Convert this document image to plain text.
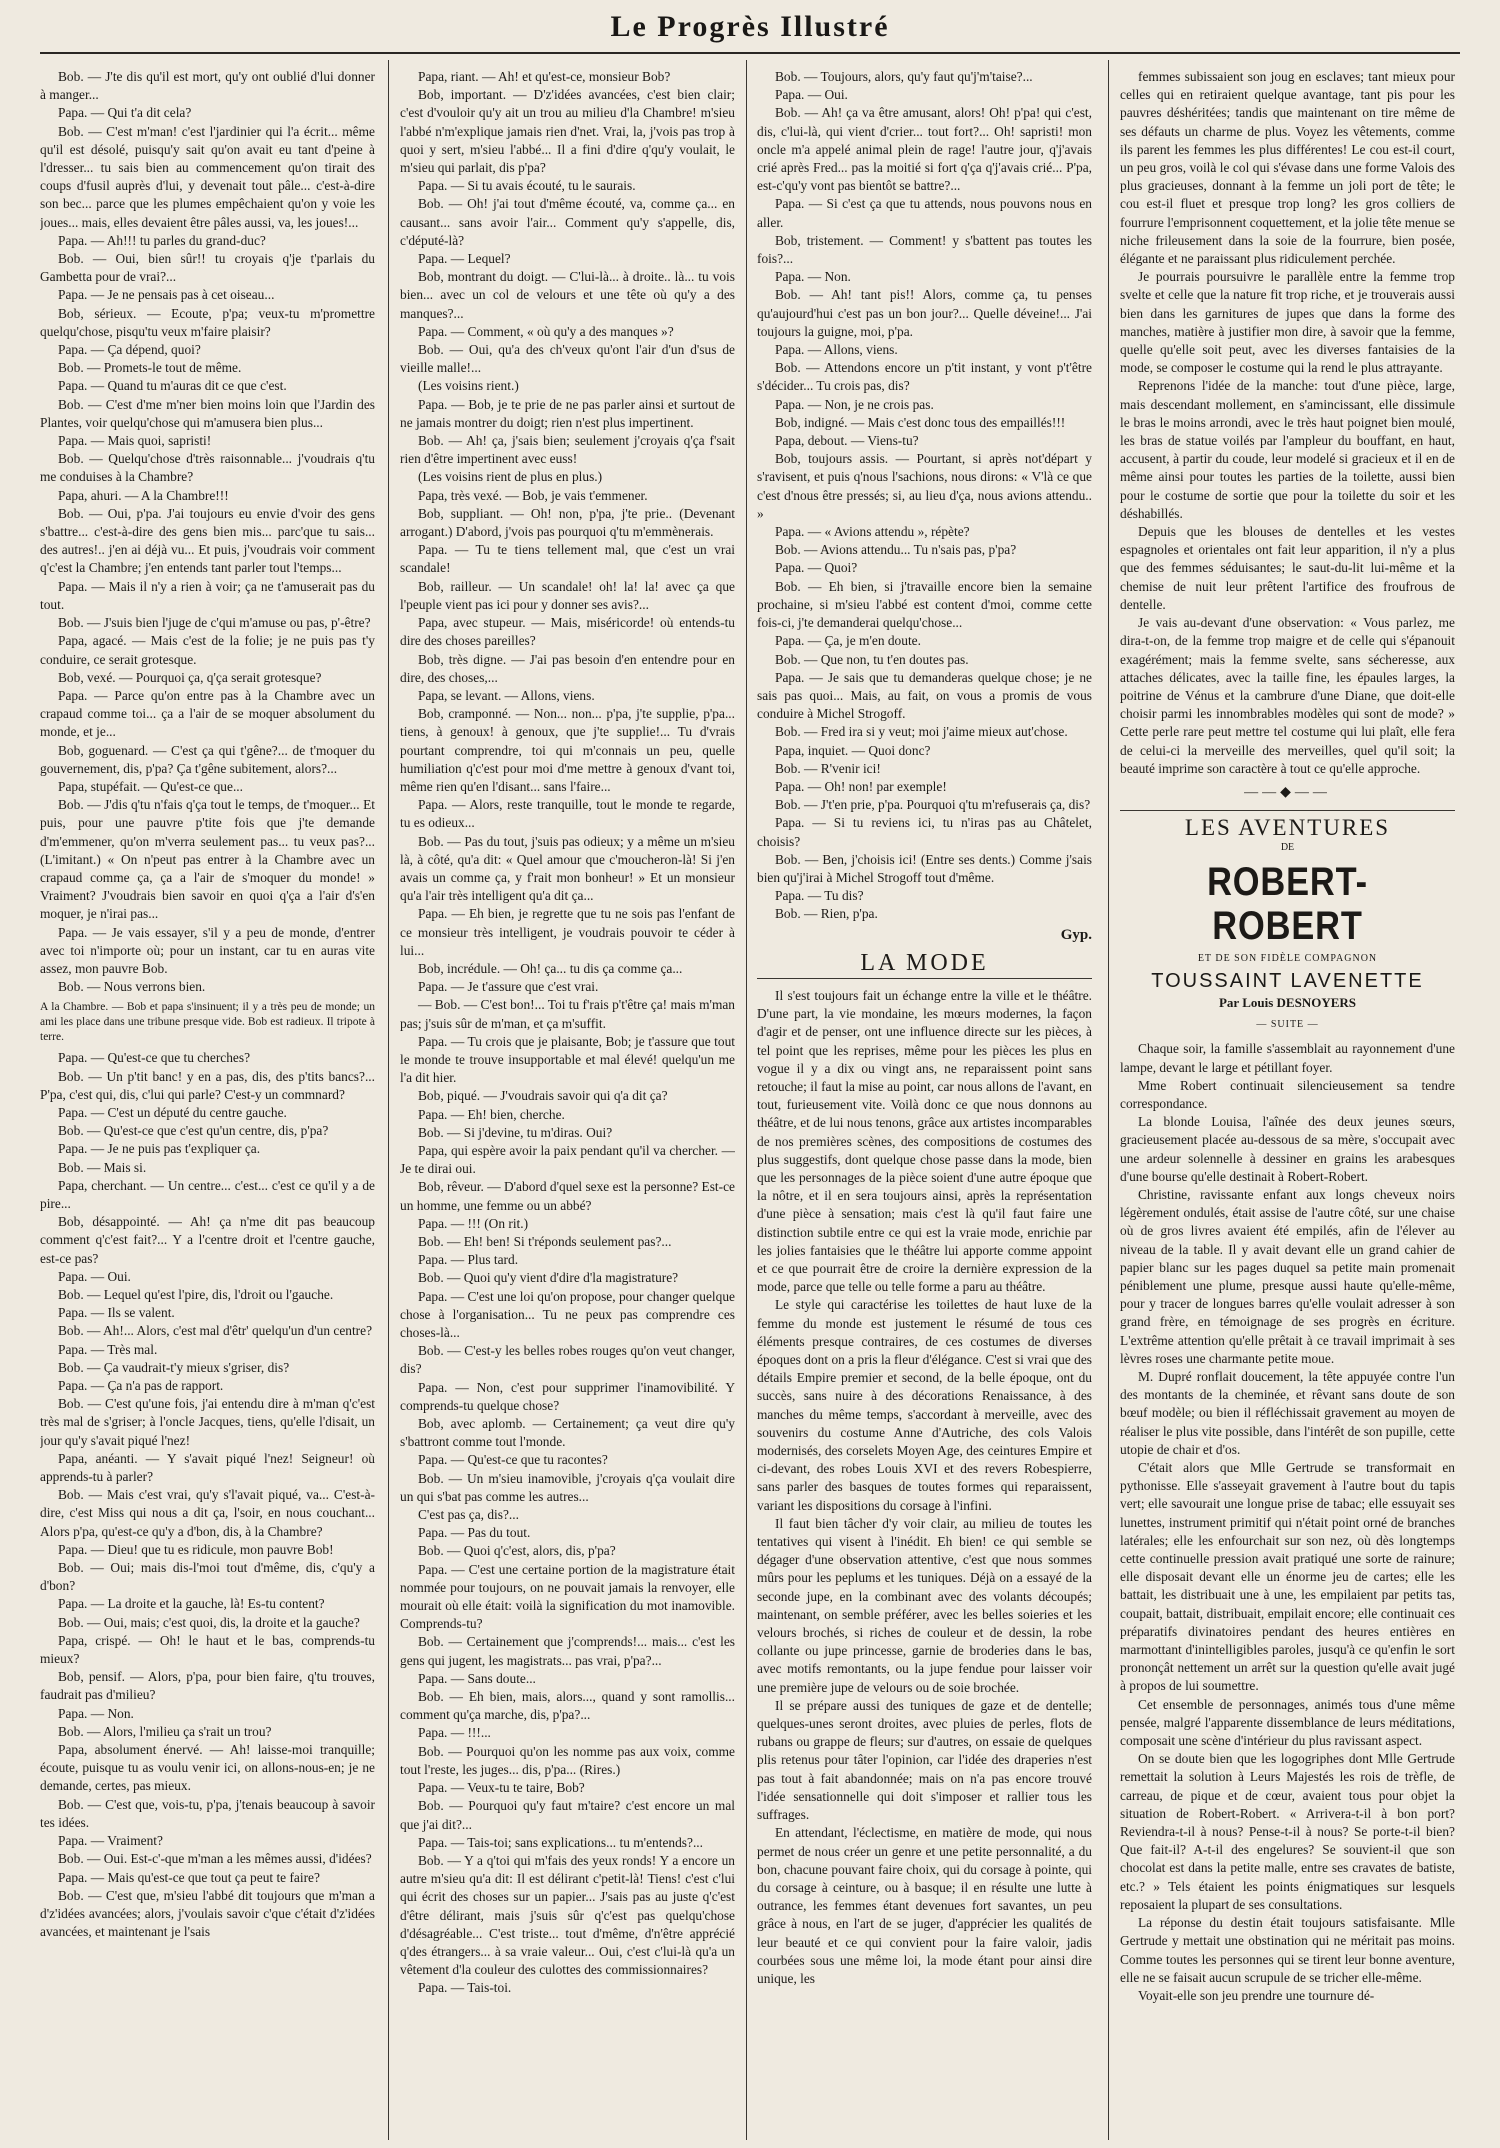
Le Progrès Illustré

Bob. — J'te dis qu'il est mort, qu'y ont oublié d'lui donner à manger...

Papa. — Qui t'a dit cela?

Bob. — C'est m'man! c'est l'jardinier qui l'a écrit... même qu'il est désolé, puisqu'y sait qu'on avait eu tant d'peine à l'dresser... tu sais bien au commencement qu'on tirait des coups d'fusil auprès d'lui, y devenait tout pâle... c'est-à-dire son bec... parce que les plumes empêchaient qu'on y voie les joues... mais, elles devaient être pâles aussi, va, les joues!...

Papa. — Ah!!! tu parles du grand-duc?

Bob. — Oui, bien sûr!! tu croyais q'je t'parlais du Gambetta pour de vrai?...

Papa. — Je ne pensais pas à cet oiseau...

Bob, sérieux. — Ecoute, p'pa; veux-tu m'promettre quelqu'chose, pisqu'tu veux m'faire plaisir?

Papa. — Ça dépend, quoi?

Bob. — Promets-le tout de même.

Papa. — Quand tu m'auras dit ce que c'est.

Bob. — C'est d'me m'ner bien moins loin que l'Jardin des Plantes, voir quelqu'chose qui m'amusera bien plus...

Papa. — Mais quoi, sapristi!

Bob. — Quelqu'chose d'très raisonnable... j'voudrais q'tu me conduises à la Chambre?

Papa, ahuri. — A la Chambre!!!

Bob. — Oui, p'pa. J'ai toujours eu envie d'voir des gens s'battre... c'est-à-dire des gens bien mis... parc'que tu sais... des autres!.. j'en ai déjà vu... Et puis, j'voudrais voir comment q'c'est la Chambre; j'en entends tant parler tout l'temps...

Papa. — Mais il n'y a rien à voir; ça ne t'amuserait pas du tout.

Bob. — J'suis bien l'juge de c'qui m'amuse ou pas, p'-être?

Papa, agacé. — Mais c'est de la folie; je ne puis pas t'y conduire, ce serait grotesque.

Bob, vexé. — Pourquoi ça, q'ça serait grotesque?

Papa. — Parce qu'on entre pas à la Chambre avec un crapaud comme toi... ça a l'air de se moquer absolument du monde, et je...

Bob, goguenard. — C'est ça qui t'gêne?... de t'moquer du gouvernement, dis, p'pa? Ça t'gêne subitement, alors?...

Papa, stupéfait. — Qu'est-ce que...

Bob. — J'dis q'tu n'fais q'ça tout le temps, de t'moquer... Et puis, pour une pauvre p'tite fois que j'te demande d'm'emmener, qu'on m'verra seulement pas... tu veux pas?... (L'imitant.) « On n'peut pas entrer à la Chambre avec un crapaud comme ça, ça a l'air de s'moquer du monde! » Vraiment? J'voudrais bien savoir en quoi q'ça a l'air d's'en moquer, je n'irai pas...

Papa. — Je vais essayer, s'il y a peu de monde, d'entrer avec toi n'importe où; pour un instant, car tu en auras vite assez, mon pauvre Bob.

Bob. — Nous verrons bien.

A la Chambre. — Bob et papa s'insinuent; il y a très peu de monde; un ami les place dans une tribune presque vide. Bob est radieux. Il tripote à terre.

Papa. — Qu'est-ce que tu cherches?

Bob. — Un p'tit banc! y en a pas, dis, des p'tits bancs?... P'pa, c'est qui, dis, c'lui qui parle? C'est-y un commnard?

Papa. — C'est un député du centre gauche.

Bob. — Qu'est-ce que c'est qu'un centre, dis, p'pa?

Papa. — Je ne puis pas t'expliquer ça.

Bob. — Mais si.

Papa, cherchant. — Un centre... c'est... c'est ce qu'il y a de pire...

Bob, désappointé. — Ah! ça n'me dit pas beaucoup comment q'c'est fait?... Y a l'centre droit et l'centre gauche, est-ce pas?

Papa. — Oui.

Bob. — Lequel qu'est l'pire, dis, l'droit ou l'gauche.

Papa. — Ils se valent.

Bob. — Ah!... Alors, c'est mal d'êtr' quelqu'un d'un centre?

Papa. — Très mal.

Bob. — Ça vaudrait-t'y mieux s'griser, dis?

Papa. — Ça n'a pas de rapport.

Bob. — C'est qu'une fois, j'ai entendu dire à m'man q'c'est très mal de s'griser; à l'oncle Jacques, tiens, qu'elle l'disait, un jour qu'y s'avait piqué l'nez!

Papa, anéanti. — Y s'avait piqué l'nez! Seigneur! où apprends-tu à parler?

Bob. — Mais c'est vrai, qu'y s'l'avait piqué, va... C'est-à-dire, c'est Miss qui nous a dit ça, l'soir, en nous couchant... Alors p'pa, qu'est-ce qu'y a d'bon, dis, à la Chambre?

Papa. — Dieu! que tu es ridicule, mon pauvre Bob!

Bob. — Oui; mais dis-l'moi tout d'même, dis, c'qu'y a d'bon?

Papa. — La droite et la gauche, là! Es-tu content?

Bob. — Oui, mais; c'est quoi, dis, la droite et la gauche?

Papa, crispé. — Oh! le haut et le bas, comprends-tu mieux?

Bob, pensif. — Alors, p'pa, pour bien faire, q'tu trouves, faudrait pas d'milieu?

Papa. — Non.

Bob. — Alors, l'milieu ça s'rait un trou?

Papa, absolument énervé. — Ah! laisse-moi tranquille; écoute, puisque tu as voulu venir ici, on allons-nous-en; je ne demande, certes, pas mieux.

Bob. — C'est que, vois-tu, p'pa, j'tenais beaucoup à savoir tes idées.

Papa. — Vraiment?

Bob. — Oui. Est-c'-que m'man a les mêmes aussi, d'idées?

Papa. — Mais qu'est-ce que tout ça peut te faire?

Bob. — C'est que, m'sieu l'abbé dit toujours que m'man a d'z'idées avancées; alors, j'voulais savoir c'que c'était d'z'idées avancées, et maintenant je l'sais

Papa, riant. — Ah! et qu'est-ce, monsieur Bob?

Bob, important. — D'z'idées avancées, c'est bien clair; c'est d'vouloir qu'y ait un trou au milieu d'la Chambre! m'sieu l'abbé n'm'explique jamais rien d'net. Vrai, la, j'vois pas trop à quoi y sert, m'sieu l'abbé... Il a fini d'dire q'qu'y voulait, le m'sieu qui parlait, dis p'pa?

Papa. — Si tu avais écouté, tu le saurais.

Bob. — Oh! j'ai tout d'même écouté, va, comme ça... en causant... sans avoir l'air... Comment qu'y s'appelle, dis, c'député-là?

Papa. — Lequel?

Bob, montrant du doigt. — C'lui-là... à droite.. là... tu vois bien... avec un col de velours et une tête où qu'y a des manques?...

Papa. — Comment, « où qu'y a des manques »?

Bob. — Oui, qu'a des ch'veux qu'ont l'air d'un d'sus de vieille malle!...

(Les voisins rient.)

Papa. — Bob, je te prie de ne pas parler ainsi et surtout de ne jamais montrer du doigt; rien n'est plus impertinent.

Bob. — Ah! ça, j'sais bien; seulement j'croyais q'ça f'sait rien d'être impertinent avec euss!

(Les voisins rient de plus en plus.)

Papa, très vexé. — Bob, je vais t'emmener.

Bob, suppliant. — Oh! non, p'pa, j'te prie.. (Devenant arrogant.) D'abord, j'vois pas pourquoi q'tu m'emmènerais.

Papa. — Tu te tiens tellement mal, que c'est un vrai scandale!

Bob, railleur. — Un scandale! oh! la! la! avec ça que l'peuple vient pas ici pour y donner ses avis?...

Papa, avec stupeur. — Mais, miséricorde! où entends-tu dire des choses pareilles?

Bob, très digne. — J'ai pas besoin d'en entendre pour en dire, des choses,...

Papa, se levant. — Allons, viens.

Bob, cramponné. — Non... non... p'pa, j'te supplie, p'pa... tiens, à genoux! à genoux, que j'te supplie!... Tu d'vrais pourtant comprendre, toi qui m'connais un peu, quelle humiliation q'c'est pour moi d'me mettre à genoux d'vant toi, même rien qu'en l'disant... sans l'faire...

Papa. — Alors, reste tranquille, tout le monde te regarde, tu es odieux...

Bob. — Pas du tout, j'suis pas odieux; y a même un m'sieu là, à côté, qu'a dit: « Quel amour que c'moucheron-là! Si j'en avais un comme ça, y f'rait mon bonheur! » Et un monsieur qu'a l'air très intelligent qu'a dit ça...

Papa. — Eh bien, je regrette que tu ne sois pas l'enfant de ce monsieur très intelligent, je voudrais pouvoir te céder à lui...

Bob, incrédule. — Oh! ça... tu dis ça comme ça...

Papa. — Je t'assure que c'est vrai.

— Bob. — C'est bon!... Toi tu f'rais p't'être ça! mais m'man pas; j'suis sûr de m'man, et ça m'suffit.

Papa. — Tu crois que je plaisante, Bob; je t'assure que tout le monde te trouve insupportable et mal élevé! quelqu'un me l'a dit hier.

Bob, piqué. — J'voudrais savoir qui q'a dit ça?

Papa. — Eh! bien, cherche.

Bob. — Si j'devine, tu m'diras. Oui?

Papa, qui espère avoir la paix pendant qu'il va chercher. — Je te dirai oui.

Bob, rêveur. — D'abord d'quel sexe est la personne? Est-ce un homme, une femme ou un abbé?

Papa. — !!! (On rit.)

Bob. — Eh! ben! Si t'réponds seulement pas?...

Papa. — Plus tard.

Bob. — Quoi qu'y vient d'dire d'la magistrature?

Papa. — C'est une loi qu'on propose, pour changer quelque chose à l'organisation... Tu ne peux pas comprendre ces choses-là...

Bob. — C'est-y les belles robes rouges qu'on veut changer, dis?

Papa. — Non, c'est pour supprimer l'inamovibilité. Y comprends-tu quelque chose?

Bob, avec aplomb. — Certainement; ça veut dire qu'y s'battront comme tout l'monde.

Papa. — Qu'est-ce que tu racontes?

Bob. — Un m'sieu inamovible, j'croyais q'ça voulait dire un qui s'bat pas comme les autres...

C'est pas ça, dis?...

Papa. — Pas du tout.

Bob. — Quoi q'c'est, alors, dis, p'pa?

Papa. — C'est une certaine portion de la magistrature était nommée pour toujours, on ne pouvait jamais la renvoyer, elle mourait où elle était: voilà la signification du mot inamovible. Comprends-tu?

Bob. — Certainement que j'comprends!... mais... c'est les gens qui jugent, les magistrats... pas vrai, p'pa?...

Papa. — Sans doute...

Bob. — Eh bien, mais, alors..., quand y sont ramollis... comment qu'ça marche, dis, p'pa?...

Papa. — !!!...

Bob. — Pourquoi qu'on les nomme pas aux voix, comme tout l'reste, les juges... dis, p'pa... (Rires.)

Papa. — Veux-tu te taire, Bob?

Bob. — Pourquoi qu'y faut m'taire? c'est encore un mal que j'ai dit?...

Papa. — Tais-toi; sans explications... tu m'entends?...

Bob. — Y a q'toi qui m'fais des yeux ronds! Y a encore un autre m'sieu qu'a dit: Il est délirant c'petit-là! Tiens! c'est c'lui qui écrit des choses sur un papier... J'sais pas au juste q'c'est d'être délirant, mais j'suis sûr q'c'est pas quelqu'chose d'désagréable... C'est triste... tout d'même, d'n'être apprécié q'des étrangers... à sa vraie valeur... Oui, c'est c'lui-là qu'a un vêtement d'la couleur des culottes des commissionnaires?

Papa. — Tais-toi.

Bob. — Toujours, alors, qu'y faut qu'j'm'taise?...

Papa. — Oui.

Bob. — Ah! ça va être amusant, alors! Oh! p'pa! qui c'est, dis, c'lui-là, qui vient d'crier... tout fort?... Oh! sapristi! mon oncle m'a appelé animal plein de rage! l'autre jour, q'j'avais crié après Fred... pas la moitié si fort q'ça q'j'avais crié... P'pa, est-c'qu'y vont pas bientôt se battre?...

Papa. — Si c'est ça que tu attends, nous pouvons nous en aller.

Bob, tristement. — Comment! y s'battent pas toutes les fois?...

Papa. — Non.

Bob. — Ah! tant pis!! Alors, comme ça, tu penses qu'aujourd'hui c'est pas un bon jour?... Quelle déveine!... J'ai toujours la guigne, moi, p'pa.

Papa. — Allons, viens.

Bob. — Attendons encore un p'tit instant, y vont p't'être s'décider... Tu crois pas, dis?

Papa. — Non, je ne crois pas.

Bob, indigné. — Mais c'est donc tous des empaillés!!!

Papa, debout. — Viens-tu?

Bob, toujours assis. — Pourtant, si après not'départ y s'ravisent, et puis q'nous l'sachions, nous dirons: « V'là ce que c'est d'nous être pressés; si, au lieu d'ça, nous avions attendu.. »

Papa. — « Avions attendu », répète?

Bob. — Avions attendu... Tu n'sais pas, p'pa?

Papa. — Quoi?

Bob. — Eh bien, si j'travaille encore bien la semaine prochaine, si m'sieu l'abbé est content d'moi, comme cette fois-ci, j'te demanderai quelqu'chose...

Papa. — Ça, je m'en doute.

Bob. — Que non, tu t'en doutes pas.

Papa. — Je sais que tu demanderas quelque chose; je ne sais pas quoi... Mais, au fait, on vous a promis de vous conduire à Michel Strogoff.

Bob. — Fred ira si y veut; moi j'aime mieux aut'chose.

Papa, inquiet. — Quoi donc?

Bob. — R'venir ici!

Papa. — Oh! non! par exemple!

Bob. — J't'en prie, p'pa. Pourquoi q'tu m'refuserais ça, dis?

Papa. — Si tu reviens ici, tu n'iras pas au Châtelet, choisis?

Bob. — Ben, j'choisis ici! (Entre ses dents.) Comme j'sais bien qu'j'irai à Michel Strogoff tout d'même.

Papa. — Tu dis?

Bob. — Rien, p'pa.

Gyp.

LA MODE

Il s'est toujours fait un échange entre la ville et le théâtre. D'une part, la vie mondaine, les mœurs modernes, la façon d'agir et de penser, ont une influence directe sur les pièces, à tel point que les reprises, même pour les pièces les plus en vogue il y a dix ou vingt ans, ne reparaissent point sans retouche; il faut la mise au point, car nous allons de l'avant, en tout, furieusement vite. Voilà donc ce que nous donnons au théâtre, et de lui nous tenons, grâce aux artistes incomparables de nos premières scènes, des compositions de costumes des plus suggestifs, dont quelque chose passe dans la mode, bien que les personnages de la pièce soient d'une autre époque que la nôtre, et il en sera toujours ainsi, après la représentation d'une pièce à sensation; mais c'est là qu'il faut faire une distinction subtile entre ce qui est la vraie mode, enrichie par les jolies fantaisies que le théâtre lui apporte comme appoint et ce que pourrait être de croire la dernière expression de la mode, parce que telle ou telle forme a paru au théâtre.

Le style qui caractérise les toilettes de haut luxe de la femme du monde est justement le résumé de tous ces éléments presque contraires, de ces costumes de diverses époques dont on a pris la fleur d'élégance. C'est si vrai que des détails Empire premier et second, de la belle époque, ont du succès, sans nuire à des décorations Renaissance, à des manches du même temps, s'accordant à merveille, avec des souvenirs du costume Anne d'Autriche, des cols Valois modernisés, des corselets Moyen Age, des ceintures Empire et ci-devant, des robes Louis XVI et des revers Robespierre, sans parler des basques de toutes formes qui reparaissent, variant les dispositions du corsage à l'infini.

Il faut bien tâcher d'y voir clair, au milieu de toutes les tentatives qui visent à l'inédit. Eh bien! ce qui semble se dégager d'une observation attentive, c'est que nous sommes mûrs pour les peplums et les tuniques. Déjà on a essayé de la seconde jupe, en la combinant avec des volants découpés; maintenant, on semble préférer, avec les belles soieries et les velours brochés, si riches de couleur et de dessin, la robe collante ou jupe princesse, garnie de broderies dans le bas, avec motifs remontants, ou la jupe fendue pour laisser voir une première jupe de velours ou de soie brochée.

Il se prépare aussi des tuniques de gaze et de dentelle; quelques-unes seront droites, avec pluies de perles, flots de rubans ou grappe de fleurs; sur d'autres, on essaie de quelques plis retenus pour tâter l'opinion, car l'idée des draperies n'est pas tout à fait abandonnée; mais on n'a pas encore trouvé l'idée sensationnelle qui doit s'imposer et rallier tous les suffrages.

En attendant, l'éclectisme, en matière de mode, qui nous permet de nous créer un genre et une petite personnalité, a du bon, chacune pouvant faire choix, qui du corsage à pointe, qui du corsage à ceinture, ou à basque; il en résulte une lutte à outrance, les femmes étant devenues fort savantes, un peu grâce à nous, en l'art de se juger, d'apprécier les qualités de leur beauté et ce qui convient pour la faire valoir, jadis courbées sous une même loi, la mode étant pour ainsi dire unique, les

femmes subissaient son joug en esclaves; tant mieux pour celles qui en retiraient quelque avantage, tant pis pour les pauvres déshéritées; tandis que maintenant on tire même de ses défauts un charme de plus. Voyez les vêtements, comme ils parent les femmes les plus différentes! Le cou est-il court, un peu gros, voilà le col qui s'évase dans une forme Valois des plus gracieuses, donnant à la femme un joli port de tête; le cou est-il fluet et presque trop long? les gros colliers de fourrure l'emprisonnent coquettement, et la jolie tête menue se niche frileusement dans la soie de la fourrure, bien posée, élégante et ne paraissant plus ridiculement perchée.

Je pourrais poursuivre le parallèle entre la femme trop svelte et celle que la nature fit trop riche, et je trouverais aussi bien dans les garnitures de jupes que dans la forme des manches, matière à justifier mon dire, à savoir que la femme, quelle qu'elle soit peut, avec les diverses fantaisies de la mode, se composer le costume qui la rend le plus attrayante.

Reprenons l'idée de la manche: tout d'une pièce, large, mais descendant mollement, en s'amincissant, elle dissimule le bras le moins arrondi, avec le très haut poignet bien moulé, les bras de statue voilés par l'ampleur du bouffant, en haut, accusent, à partir du coude, leur modelé si gracieux et il en de même ainsi pour toutes les parties de la toilette, aussi bien pour le costume de sortie que pour la toilette du soir et les déshabillés.

Depuis que les blouses de dentelles et les vestes espagnoles et orientales ont fait leur apparition, il n'y a plus que des femmes séduisantes; le saut-du-lit lui-même et la chemise de nuit leur prêtent l'artifice des froufrous de dentelle.

Je vais au-devant d'une observation: « Vous parlez, me dira-t-on, de la femme trop maigre et de celle qui s'épanouit exagérément; mais la femme svelte, sans sécheresse, aux attaches délicates, avec la taille fine, les épaules larges, la poitrine de Vénus et la cambrure d'une Diane, que doit-elle choisir parmi les innombrables modèles qui sont de mode? » Cette perle rare peut mettre tel costume qui lui plaît, elle fera de celui-ci la merveille des merveilles, quel qu'il soit; la beauté imprime son caractère à tout ce qu'elle approche.

——◆——
LES AVENTURES
DE
ROBERT-ROBERT
ET DE SON FIDÈLE COMPAGNON
TOUSSAINT LAVENETTE
Par Louis DESNOYERS
— SUITE —

Chaque soir, la famille s'assemblait au rayonnement d'une lampe, devant le large et pétillant foyer.

Mme Robert continuait silencieusement sa tendre correspondance.

La blonde Louisa, l'aînée des deux jeunes sœurs, gracieusement placée au-dessous de sa mère, s'occupait avec une ardeur solennelle à dessiner en grains les arabesques d'une bourse qu'elle destinait à Robert-Robert.

Christine, ravissante enfant aux longs cheveux noirs légèrement ondulés, était assise de l'autre côté, sur une chaise où de gros livres avaient été empilés, afin de l'élever au niveau de la table. Il y avait devant elle un grand cahier de papier blanc sur les pages duquel sa petite main promenait péniblement une plume, presque aussi haute qu'elle-même, pour y tracer de longues barres qu'elle voulait adresser à son grand frère, en témoignage de ses progrès en écriture. L'extrême attention qu'elle prêtait à ce travail imprimait à ses lèvres roses une charmante petite moue.

M. Dupré ronflait doucement, la tête appuyée contre l'un des montants de la cheminée, et rêvant sans doute de son bœuf modèle; ou bien il réfléchissait gravement au moyen de réaliser le plus vite possible, dans l'intérêt de son pupille, cette utopie de chair et d'os.

C'était alors que Mlle Gertrude se transformait en pythonisse. Elle s'asseyait gravement à l'autre bout du tapis vert; elle savourait une longue prise de tabac; elle essuyait ses lunettes, instrument primitif qui n'était point orné de branches latérales; elle les enfourchait sur son nez, où dès longtemps cette continuelle pression avait pratiqué une sorte de rainure; elle disposait devant elle un énorme jeu de cartes; elle les battait, les distribuait une à une, les empilaient par petits tas, coupait, battait, distribuait, empilait encore; elle continuait ces préparatifs divinatoires pendant des heures entières en marmottant d'inintelligibles paroles, jusqu'à ce qu'enfin le sort prononçât nettement un arrêt sur la question qu'elle avait jugé à propos de lui soumettre.

Cet ensemble de personnages, animés tous d'une même pensée, malgré l'apparente dissemblance de leurs méditations, composait une scène d'intérieur du plus ravissant aspect.

On se doute bien que les logogriphes dont Mlle Gertrude remettait la solution à Leurs Majestés les rois de trèfle, de carreau, de pique et de cœur, avaient tous pour objet la situation de Robert-Robert. « Arrivera-t-il à bon port? Reviendra-t-il à nous? Pense-t-il à nous? Se porte-t-il bien? Que fait-il? A-t-il des engelures? Se souvient-il que son chocolat est dans la petite malle, entre ses cravates de batiste, etc.? » Tels étaient les points énigmatiques sur lesquels reposaient la plupart de ses consultations.

La réponse du destin était toujours satisfaisante. Mlle Gertrude y mettait une obstination qui ne méritait pas moins. Comme toutes les personnes qui se tirent leur bonne aventure, elle ne se faisait aucun scrupule de se tricher elle-même.

Voyait-elle son jeu prendre une tournure dé-
